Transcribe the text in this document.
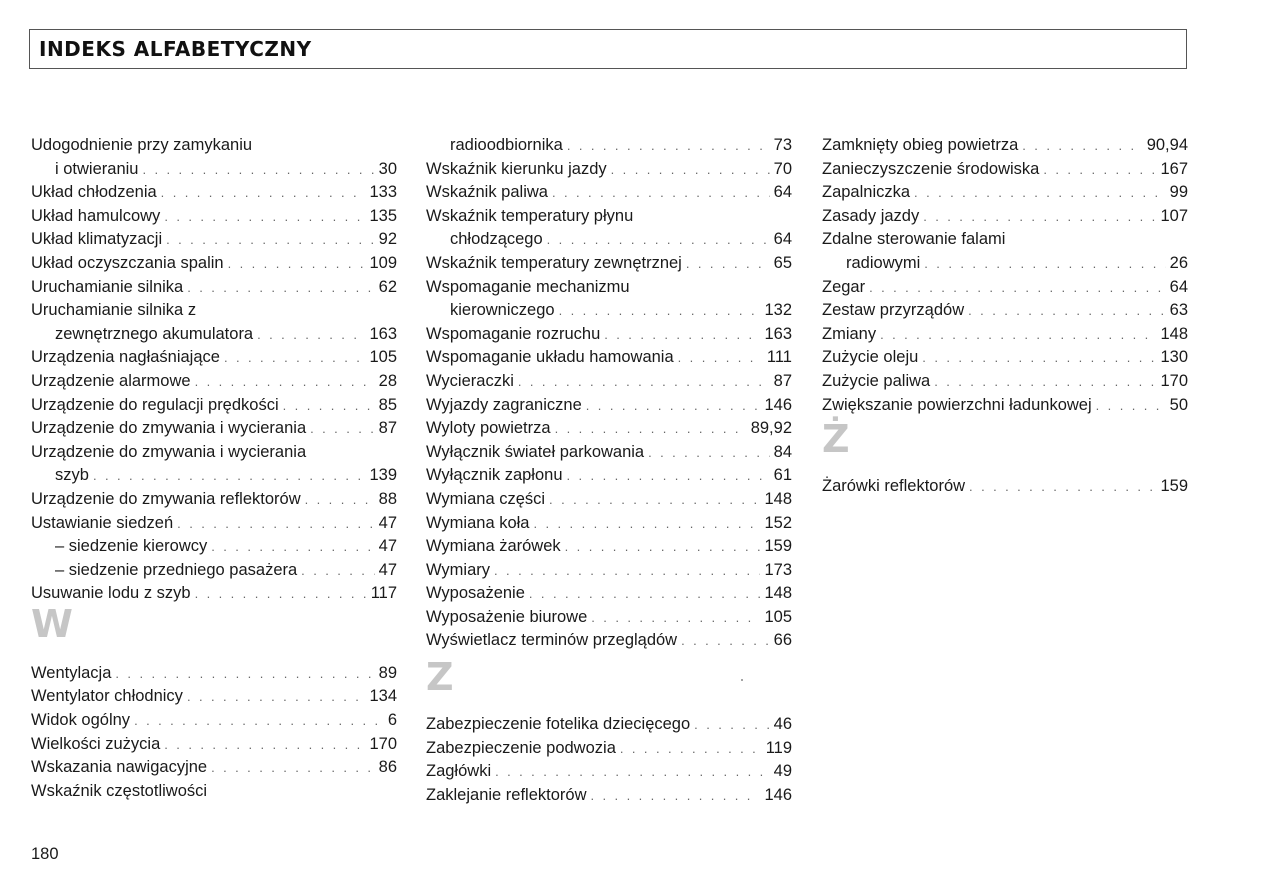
INDEKS ALFABETYCZNY
Udogodnienie przy zamykaniu
i otwieraniu . . .	30
Układ chłodzenia . . .	133
Układ hamulcowy . . .	135
Układ klimatyzacji . . .	92
Układ oczyszczania spalin . . .	109
Uruchamianie silnika . . .	62
Uruchamianie silnika z
zewnętrznego akumulatora . . .	163
Urządzenia nagłaśniające . . .	105
Urządzenie alarmowe . . .	28
Urządzenie do regulacji prędkości . . .	85
Urządzenie do zmywania i wycierania . . .	87
Urządzenie do zmywania i wycierania
szyb . . .	139
Urządzenie do zmywania reflektorów . . .	88
Ustawianie siedzeń . . .	47
– siedzenie kierowcy . . .	47
– siedzenie przedniego pasażera . . .	47
Usuwanie lodu z szyb . . .	117
W
Wentylacja . . .	89
Wentylator chłodnicy . . .	134
Widok ogólny . . .	6
Wielkości zużycia . . .	170
Wskazania nawigacyjne . . .	86
Wskaźnik częstotliwości
radioodbiornika . . .	73
Wskaźnik kierunku jazdy . . .	70
Wskaźnik paliwa . . .	64
Wskaźnik temperatury płynu
chłodzącego . . .	64
Wskaźnik temperatury zewnętrznej . . .	65
Wspomaganie mechanizmu
kierowniczego . . .	132
Wspomaganie rozruchu . . .	163
Wspomaganie układu hamowania . . .	111
Wycieraczki . . .	87
Wyjazdy zagraniczne . . .	146
Wyloty powietrza . . .	89,92
Wyłącznik świateł parkowania . . .	84
Wyłącznik zapłonu . . .	61
Wymiana części . . .	148
Wymiana koła . . .	152
Wymiana żarówek . . .	159
Wymiary . . .	173
Wyposażenie . . .	148
Wyposażenie biurowe . . .	105
Wyświetlacz terminów przeglądów . . .	66
Z
Zabezpieczenie fotelika dziecięcego . . .	46
Zabezpieczenie podwozia . . .	119
Zagłówki . . .	49
Zaklejanie reflektorów . . .	146
Zamknięty obieg powietrza . . .	90,94
Zanieczyszczenie środowiska . . .	167
Zapalniczka . . .	99
Zasady jazdy . . .	107
Zdalne sterowanie falami
radiowymi . . .	26
Zegar . . .	64
Zestaw przyrządów . . .	63
Zmiany . . .	148
Zużycie oleju . . .	130
Zużycie paliwa . . .	170
Zwiększanie powierzchni ładunkowej . . .	50
Ż
Żarówki reflektorów . . .	159
180
